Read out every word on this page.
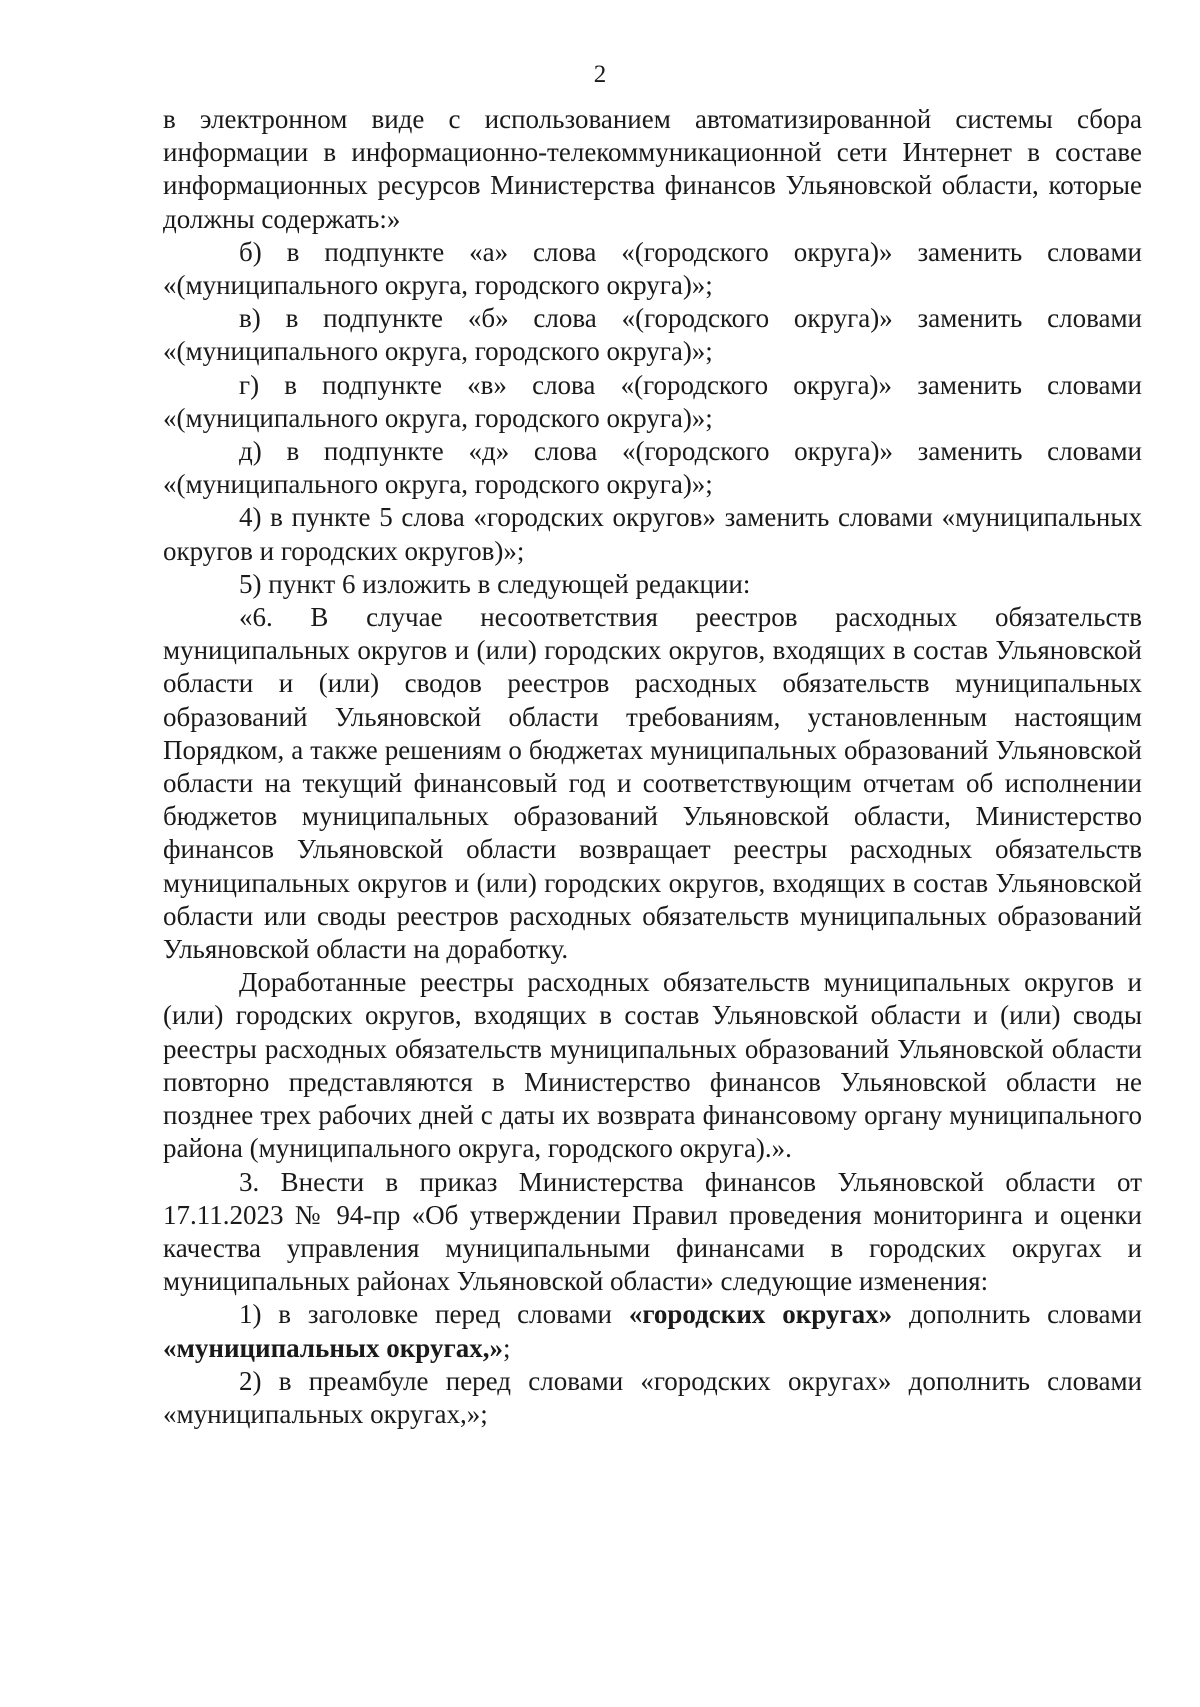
2

в электронном виде с использованием автоматизированной системы сбора информации в информационно-телекоммуникационной сети Интернет в составе информационных ресурсов Министерства финансов Ульяновской области, которые должны содержать:»

б) в подпункте «а» слова «(городского округа)» заменить словами «(муниципального округа, городского округа)»;

в) в подпункте «б» слова «(городского округа)» заменить словами «(муниципального округа, городского округа)»;

г) в подпункте «в» слова «(городского округа)» заменить словами «(муниципального округа, городского округа)»;

д) в подпункте «д» слова «(городского округа)» заменить словами «(муниципального округа, городского округа)»;

4) в пункте 5 слова «городских округов» заменить словами «муниципальных округов и городских округов)»;

5) пункт 6 изложить в следующей редакции:

«6. В случае несоответствия реестров расходных обязательств муниципальных округов и (или) городских округов, входящих в состав Ульяновской области и (или) сводов реестров расходных обязательств муниципальных образований Ульяновской области требованиям, установленным настоящим Порядком, а также решениям о бюджетах муниципальных образований Ульяновской области на текущий финансовый год и соответствующим отчетам об исполнении бюджетов муниципальных образований Ульяновской области, Министерство финансов Ульяновской области возвращает реестры расходных обязательств муниципальных округов и (или) городских округов, входящих в состав Ульяновской области или своды реестров расходных обязательств муниципальных образований Ульяновской области на доработку.

Доработанные реестры расходных обязательств муниципальных округов и (или) городских округов, входящих в состав Ульяновской области и (или) своды реестры расходных обязательств муниципальных образований Ульяновской области повторно представляются в Министерство финансов Ульяновской области не позднее трех рабочих дней с даты их возврата финансовому органу муниципального района (муниципального округа, городского округа).».

3. Внести в приказ Министерства финансов Ульяновской области от 17.11.2023 № 94-пр «Об утверждении Правил проведения мониторинга и оценки качества управления муниципальными финансами в городских округах и муниципальных районах Ульяновской области» следующие изменения:

1) в заголовке перед словами «городских округах» дополнить словами «муниципальных округах,»;

2) в преамбуле перед словами «городских округах» дополнить словами «муниципальных округах,»;
